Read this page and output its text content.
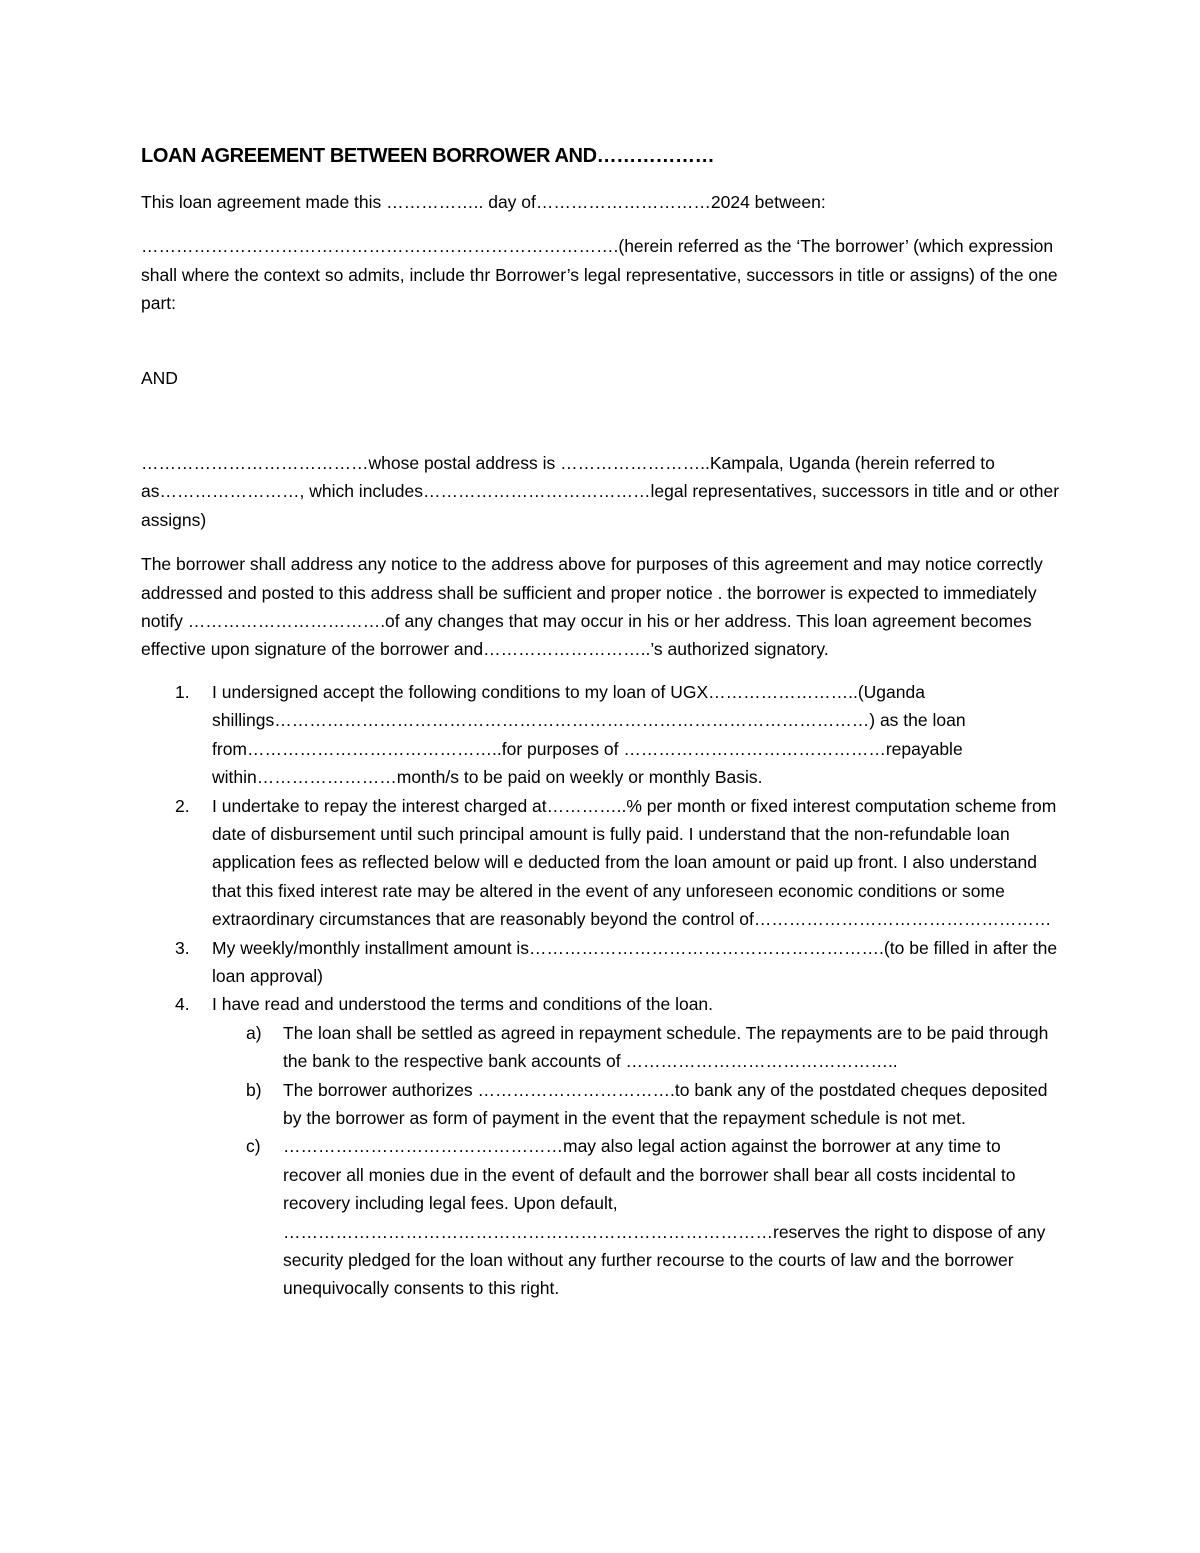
LOAN AGREEMENT BETWEEN BORROWER AND………………

This loan agreement made this …………….. day of…………………………2024 between:

……………………………………………………………………….(herein referred as the ‘The borrower’ (which expression shall where the context so admits, include thr Borrower’s legal representative, successors in title or assigns) of the one part:

AND

…………………………………whose postal address is ……………………..Kampala, Uganda (herein referred to as……………………, which includes…………………………………legal representatives, successors in title and or other assigns)

The borrower shall address any notice to the address above for purposes of this agreement and may notice correctly addressed and posted to this address shall be sufficient and proper notice . the borrower is expected to immediately notify …………………………….of any changes that may occur in his or her address. This loan agreement becomes effective upon signature of the borrower and………………………..’s authorized signatory.

1. I undersigned accept the following conditions to my loan of UGX……………………..(Uganda shillings…………………………………………………………………………………………) as the loan from……………………………………..for purposes of ………………………………………repayable within……………………month/s to be paid on weekly or monthly Basis.
2. I undertake to repay the interest charged at…………..% per month or fixed interest computation scheme from date of disbursement until such principal amount is fully paid. I understand that the non-refundable loan application fees as reflected below will e deducted from the loan amount or paid up front. I also understand that this fixed interest rate may be altered in the event of any unforeseen economic conditions or some extraordinary circumstances that are reasonably beyond the control of……………………………………………
3. My weekly/monthly installment amount is…………………………………………………….(to be filled in after the loan approval)
4. I have read and understood the terms and conditions of the loan.
a) The loan shall be settled as agreed in repayment schedule. The repayments are to be paid through the bank to the respective bank accounts of ………………………………………..
b) The borrower authorizes …………………………….to bank any of the postdated cheques deposited by the borrower as form of payment in the event that the repayment schedule is not met.
c) …………………………………………may also legal action against the borrower at any time to recover all monies due in the event of default and the borrower shall bear all costs incidental to recovery including legal fees. Upon default, …………………………………………………………………………reserves the right to dispose of any security pledged for the loan without any further recourse to the courts of law and the borrower unequivocally consents to this right.
